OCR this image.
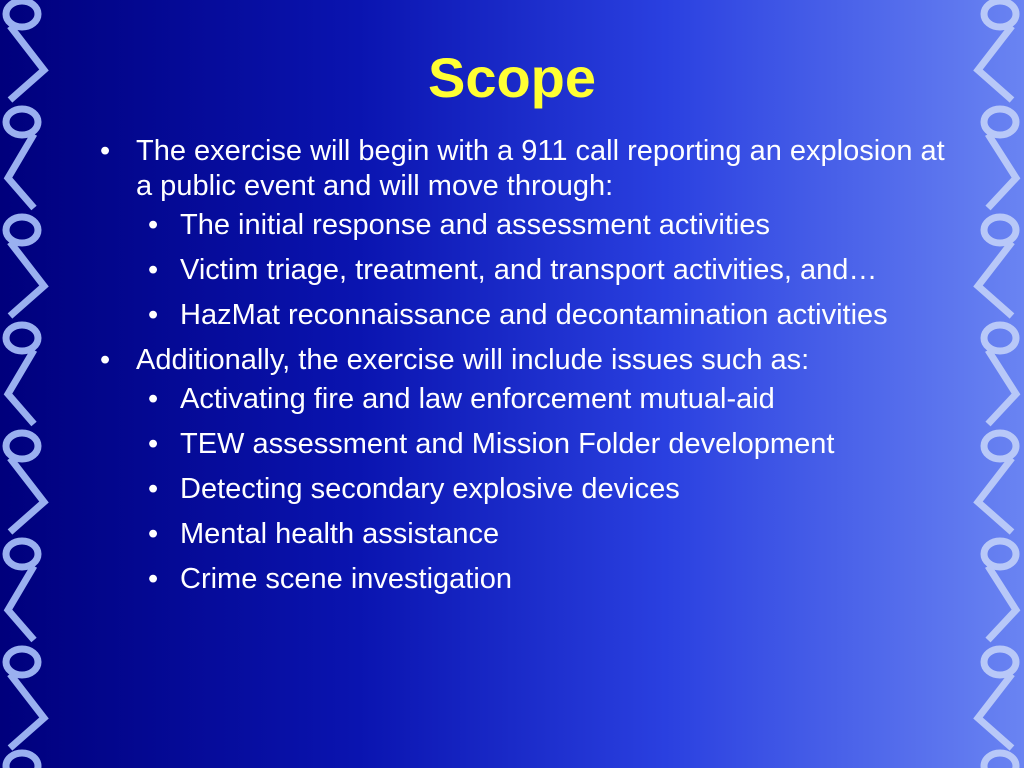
Scope
• The exercise will begin with a 911 call reporting an explosion at a public event and will move through:
• The initial response and assessment activities
• Victim triage, treatment, and transport activities, and…
• HazMat reconnaissance and decontamination activities
• Additionally, the exercise will include issues such as:
• Activating fire and law enforcement mutual-aid
• TEW assessment and Mission Folder development
• Detecting secondary explosive devices
• Mental health assistance
• Crime scene investigation
